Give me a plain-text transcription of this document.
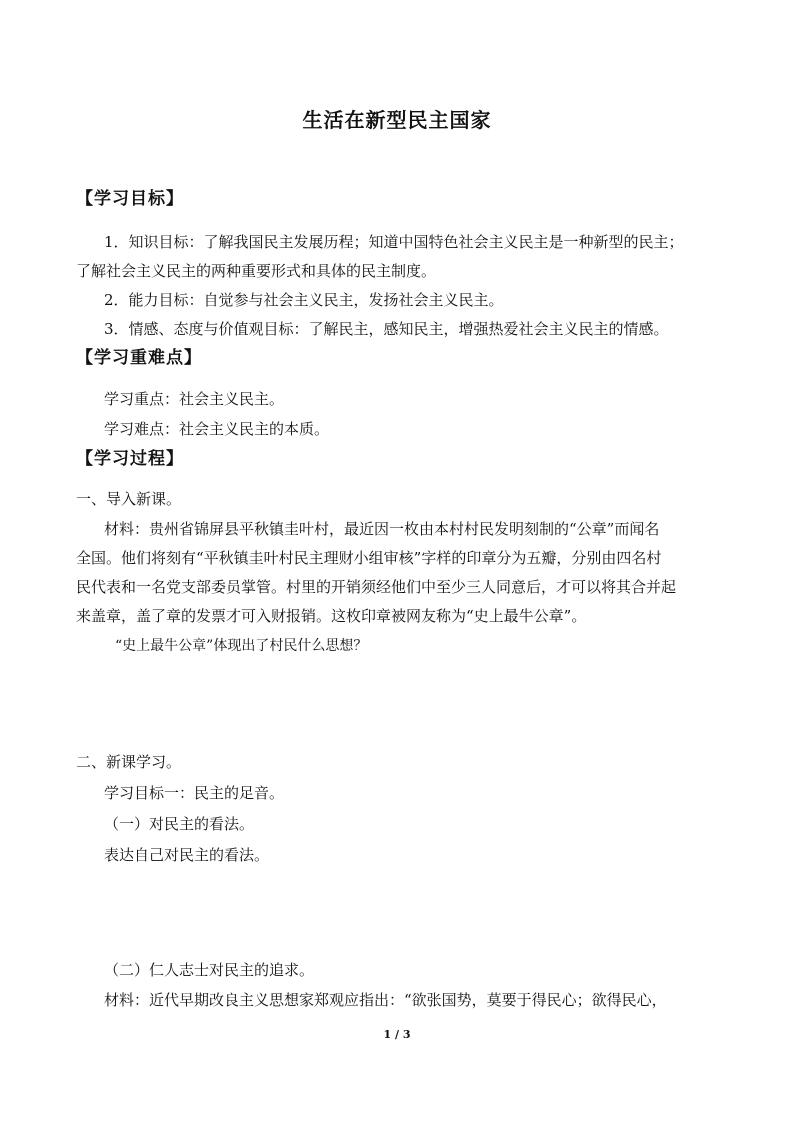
生活在新型民主国家
【学习目标】
1．知识目标：了解我国民主发展历程；知道中国特色社会主义民主是一种新型的民主；
了解社会主义民主的两种重要形式和具体的民主制度。
2．能力目标：自觉参与社会主义民主，发扬社会主义民主。
3．情感、态度与价值观目标：了解民主，感知民主，增强热爱社会主义民主的情感。
【学习重难点】
学习重点：社会主义民主。
学习难点：社会主义民主的本质。
【学习过程】
一、导入新课。
材料：贵州省锦屏县平秋镇圭叶村，最近因一枚由本村村民发明刻制的“公章”而闻名
全国。他们将刻有“平秋镇圭叶村民主理财小组审核”字样的印章分为五瓣，分别由四名村
民代表和一名党支部委员掌管。村里的开销须经他们中至少三人同意后，才可以将其合并起
来盖章，盖了章的发票才可入财报销。这枚印章被网友称为“史上最牛公章”。
“史上最牛公章”体现出了村民什么思想？
二、新课学习。
学习目标一：民主的足音。
（一）对民主的看法。
表达自己对民主的看法。
（二）仁人志士对民主的追求。
材料：近代早期改良主义思想家郑观应指出：“欲张国势，莫要于得民心；欲得民心，
1 / 3
